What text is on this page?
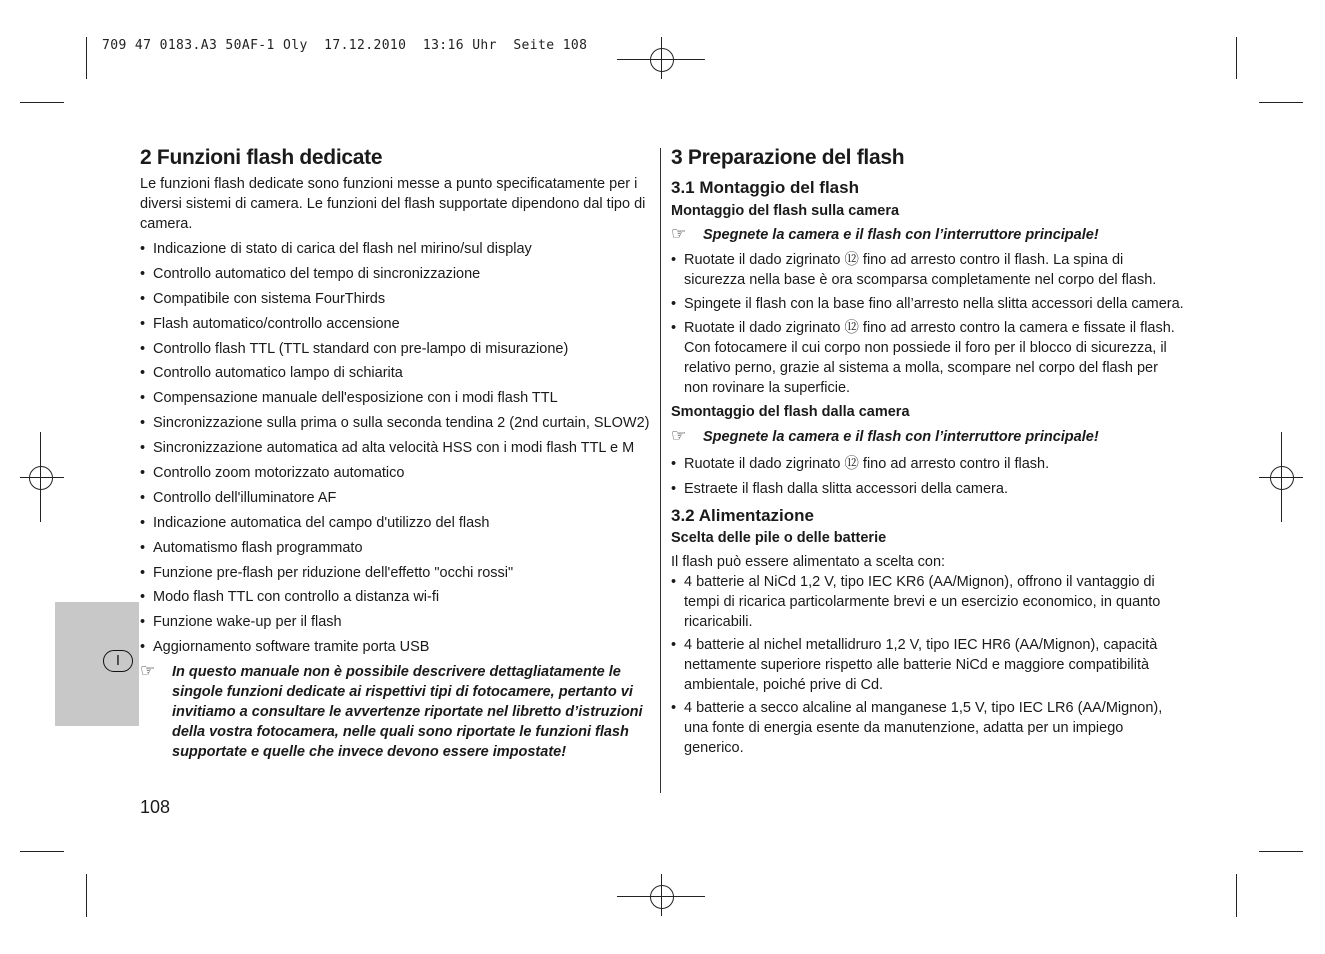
709 47 0183.A3 50AF-1 Oly  17.12.2010  13:16 Uhr  Seite 108
I
2 Funzioni flash dedicate

Le funzioni flash dedicate sono funzioni messe a punto specificatamente per i diversi sistemi di camera. Le funzioni del flash supportate dipendono dal tipo di camera.

• Indicazione di stato di carica del flash nel mirino/sul display
• Controllo automatico del tempo di sincronizzazione
• Compatibile con sistema FourThirds
• Flash automatico/controllo accensione
• Controllo flash TTL (TTL standard con pre-lampo di misurazione)
• Controllo automatico lampo di schiarita
• Compensazione manuale dell'esposizione con i modi flash TTL
• Sincronizzazione sulla prima o sulla seconda tendina 2 (2nd curtain, SLOW2)
• Sincronizzazione automatica ad alta velocità HSS con i modi flash TTL e M
• Controllo zoom motorizzato automatico
• Controllo dell'illuminatore AF
• Indicazione automatica del campo d'utilizzo del flash
• Automatismo flash programmato
• Funzione pre-flash per riduzione dell'effetto "occhi rossi"
• Modo flash TTL con controllo a distanza wi-fi
• Funzione wake-up per il flash
• Aggiornamento software tramite porta USB
☞ In questo manuale non è possibile descrivere dettagliatamente le singole funzioni dedicate ai rispettivi tipi di fotocamere, pertanto vi invitiamo a consultare le avvertenze riportate nel libretto d’istruzioni della vostra fotocamera, nelle quali sono riportate le funzioni flash supportate e quelle che invece devono essere impostate!
108
3 Preparazione del flash
3.1 Montaggio del flash
Montaggio del flash sulla camera
☞ Spegnete la camera e il flash con l’interruttore principale!
• Ruotate il dado zigrinato ⑫ fino ad arresto contro il flash. La spina di sicurezza nella base è ora scomparsa completamente nel corpo del flash.
• Spingete il flash con la base fino all’arresto nella slitta accessori della camera.
• Ruotate il dado zigrinato ⑫ fino ad arresto contro la camera e fissate il flash. Con fotocamere il cui corpo non possiede il foro per il blocco di sicurezza, il relativo perno, grazie al sistema a molla, scompare nel corpo del flash per non rovinare la superficie.
Smontaggio del flash dalla camera
☞ Spegnete la camera e il flash con l’interruttore principale!
• Ruotate il dado zigrinato ⑫ fino ad arresto contro il flash.
• Estraete il flash dalla slitta accessori della camera.
3.2 Alimentazione
Scelta delle pile o delle batterie

Il flash può essere alimentato a scelta con:

• 4 batterie al NiCd 1,2 V, tipo IEC KR6 (AA/Mignon), offrono il vantaggio di tempi di ricarica particolarmente brevi e un esercizio economico, in quanto ricaricabili.
• 4 batterie al nichel metallidruro 1,2 V, tipo IEC HR6 (AA/Mignon), capacità nettamente superiore rispetto alle batterie NiCd e maggiore compatibilità ambientale, poiché prive di Cd.
• 4 batterie a secco alcaline al manganese 1,5 V, tipo IEC LR6 (AA/Mignon), una fonte di energia esente da manutenzione, adatta per un impiego generico.
